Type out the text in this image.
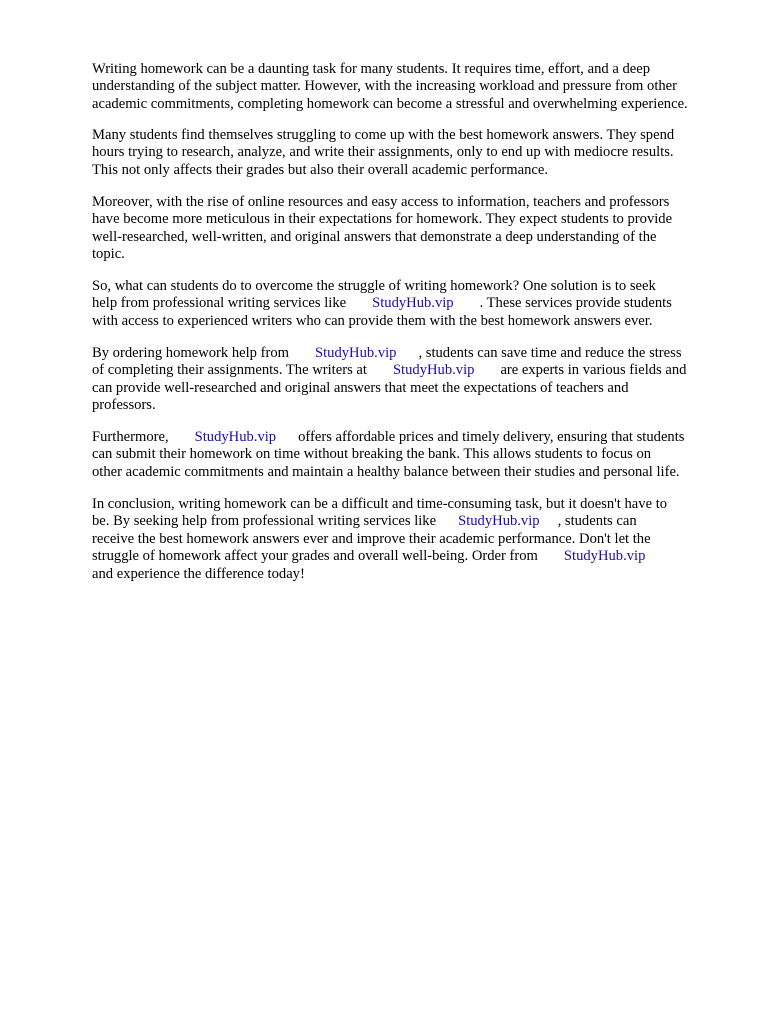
Writing homework can be a daunting task for many students. It requires time, effort, and a deep
understanding of the subject matter. However, with the increasing workload and pressure from other
academic commitments, completing homework can become a stressful and overwhelming experience.

Many students find themselves struggling to come up with the best homework answers. They spend
hours trying to research, analyze, and write their assignments, only to end up with mediocre results.
This not only affects their grades but also their overall academic performance.

Moreover, with the rise of online resources and easy access to information, teachers and professors
have become more meticulous in their expectations for homework. They expect students to provide
well-researched, well-written, and original answers that demonstrate a deep understanding of the
topic.

So, what can students do to overcome the struggle of writing homework? One solution is to seek
help from professional writing services like StudyHub.vip . These services provide students
with access to experienced writers who can provide them with the best homework answers ever.

By ordering homework help from StudyHub.vip , students can save time and reduce the stress
of completing their assignments. The writers at StudyHub.vip are experts in various fields and
can provide well-researched and original answers that meet the expectations of teachers and
professors.

Furthermore, StudyHub.vip offers affordable prices and timely delivery, ensuring that students
can submit their homework on time without breaking the bank. This allows students to focus on
other academic commitments and maintain a healthy balance between their studies and personal life.

In conclusion, writing homework can be a difficult and time-consuming task, but it doesn't have to
be. By seeking help from professional writing services like StudyHub.vip , students can
receive the best homework answers ever and improve their academic performance. Don't let the
struggle of homework affect your grades and overall well-being. Order from StudyHub.vip
and experience the difference today!
